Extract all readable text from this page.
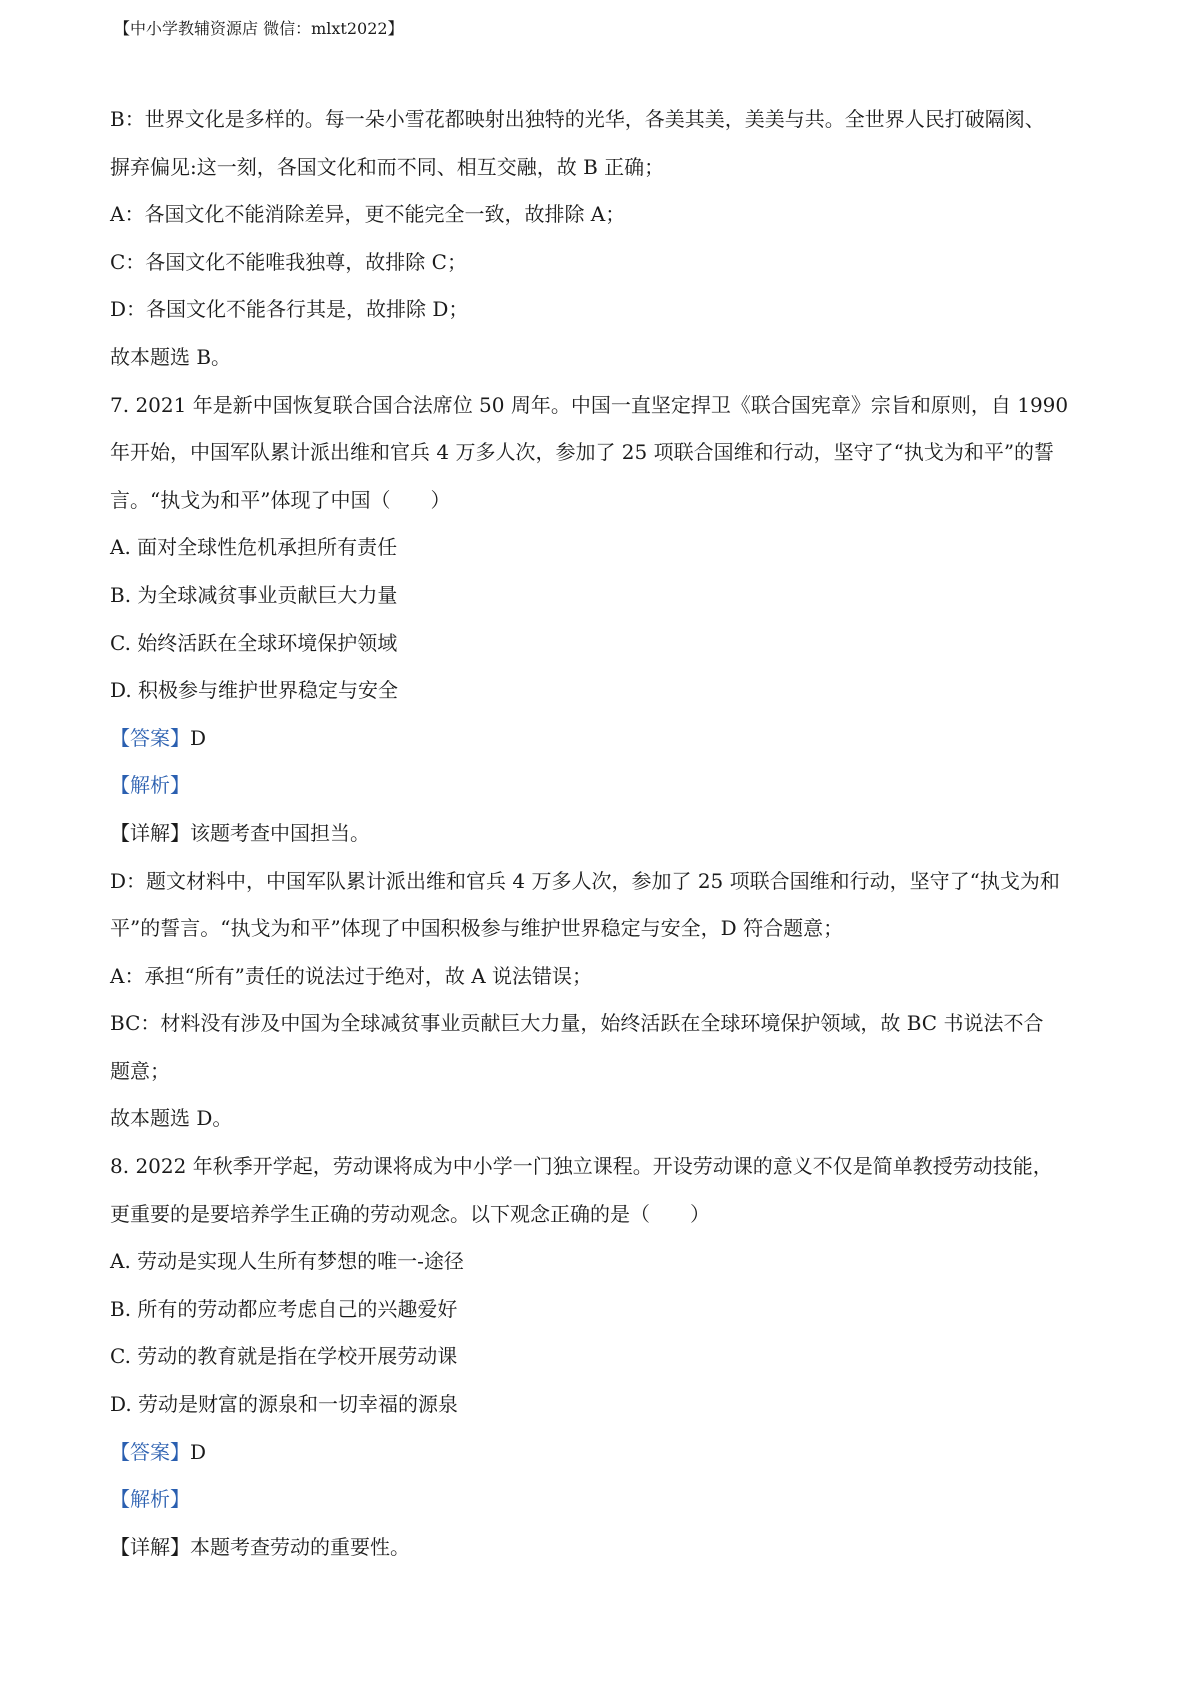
【中小学教辅资源店 微信：mlxt2022】
B：世界文化是多样的。每一朵小雪花都映射出独特的光华，各美其美，美美与共。全世界人民打破隔阂、
摒弃偏见:这一刻，各国文化和而不同、相互交融，故 B 正确；
A：各国文化不能消除差异，更不能完全一致，故排除 A；
C：各国文化不能唯我独尊，故排除 C；
D：各国文化不能各行其是，故排除 D；
故本题选 B。
7. 2021 年是新中国恢复联合国合法席位 50 周年。中国一直坚定捍卫《联合国宪章》宗旨和原则，自 1990
年开始，中国军队累计派出维和官兵 4 万多人次，参加了 25 项联合国维和行动，坚守了“执戈为和平”的誓
言。“执戈为和平”体现了中国（　　）
A. 面对全球性危机承担所有责任
B. 为全球减贫事业贡献巨大力量
C. 始终活跃在全球环境保护领域
D. 积极参与维护世界稳定与安全
【答案】D
【解析】
【详解】该题考查中国担当。
D：题文材料中，中国军队累计派出维和官兵 4 万多人次，参加了 25 项联合国维和行动，坚守了“执戈为和
平”的誓言。“执戈为和平”体现了中国积极参与维护世界稳定与安全，D 符合题意；
A：承担“所有”责任的说法过于绝对，故 A 说法错误；
BC：材料没有涉及中国为全球减贫事业贡献巨大力量，始终活跃在全球环境保护领域，故 BC 书说法不合
题意；
故本题选 D。
8. 2022 年秋季开学起，劳动课将成为中小学一门独立课程。开设劳动课的意义不仅是简单教授劳动技能，
更重要的是要培养学生正确的劳动观念。以下观念正确的是（　　）
A. 劳动是实现人生所有梦想的唯一-途径
B. 所有的劳动都应考虑自己的兴趣爱好
C. 劳动的教育就是指在学校开展劳动课
D. 劳动是财富的源泉和一切幸福的源泉
【答案】D
【解析】
【详解】本题考查劳动的重要性。
